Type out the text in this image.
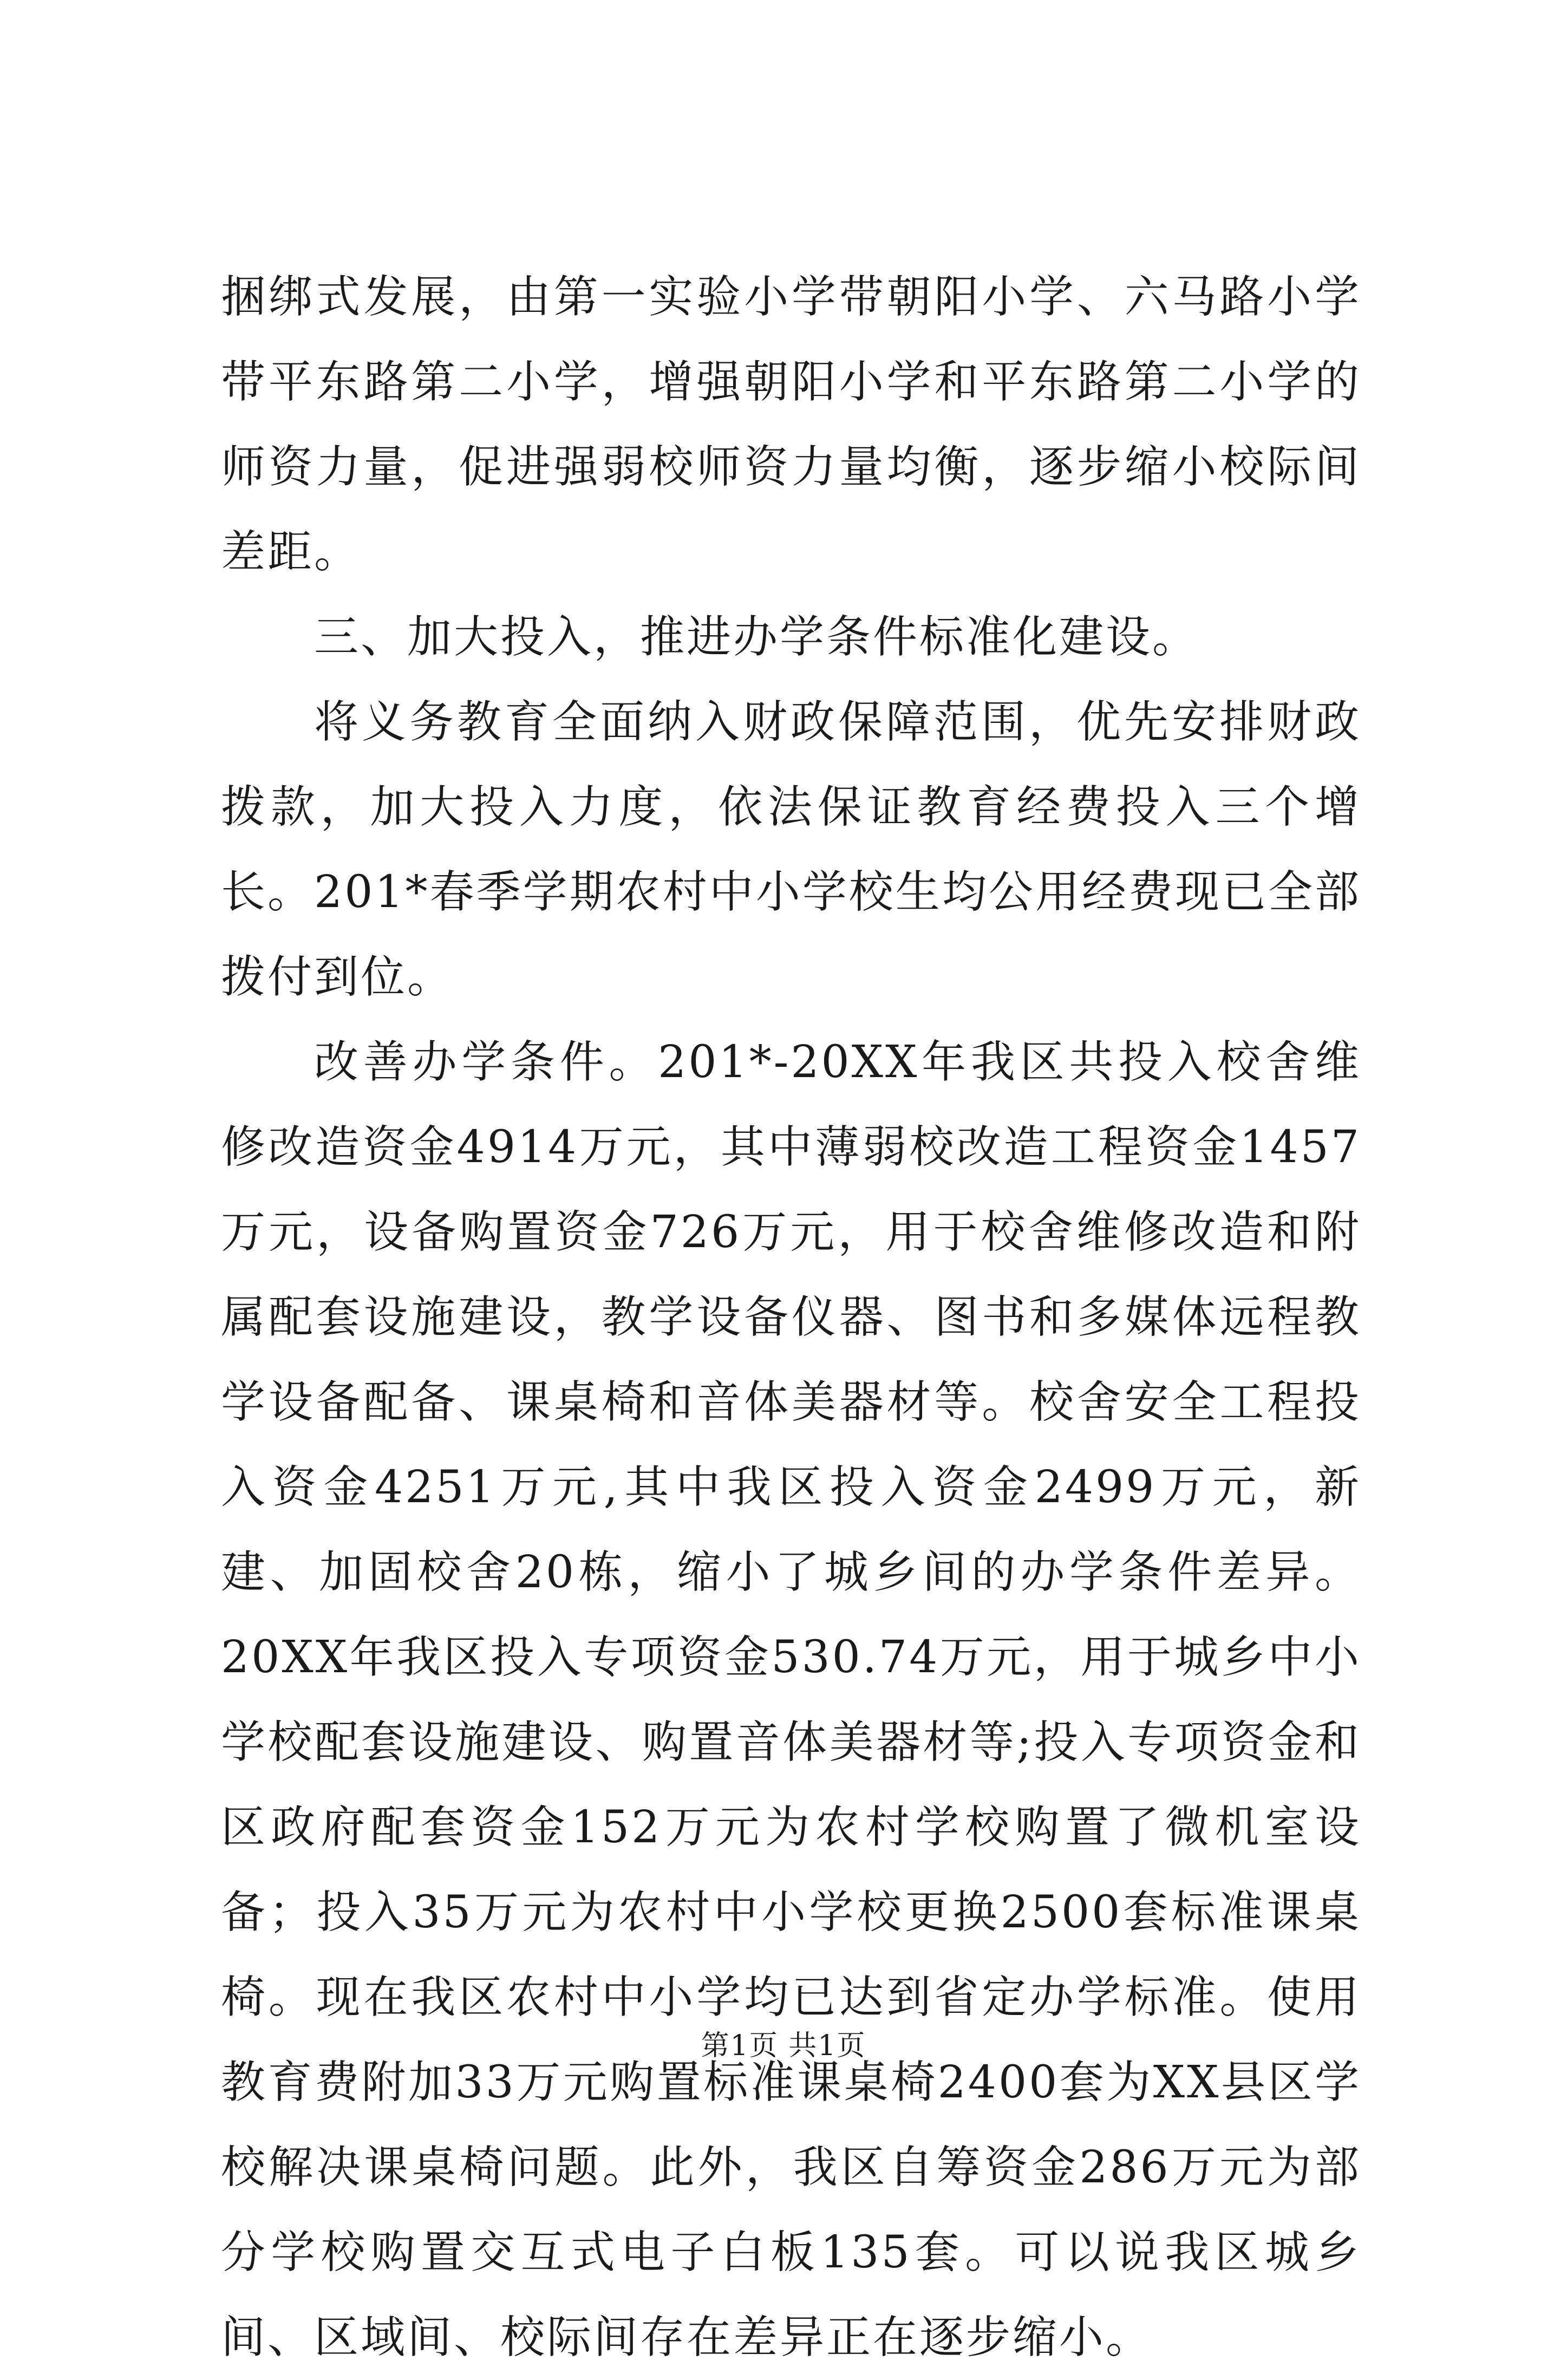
捆绑式发展，由第一实验小学带朝阳小学、六马路小学带平东路第二小学，增强朝阳小学和平东路第二小学的师资力量，促进强弱校师资力量均衡，逐步缩小校际间差距。

三、加大投入，推进办学条件标准化建设。

将义务教育全面纳入财政保障范围，优先安排财政拨款，加大投入力度，依法保证教育经费投入三个增长。201*春季学期农村中小学校生均公用经费现已全部拨付到位。

改善办学条件。201*-20XX年我区共投入校舍维修改造资金4914万元，其中薄弱校改造工程资金1457万元，设备购置资金726万元，用于校舍维修改造和附属配套设施建设，教学设备仪器、图书和多媒体远程教学设备配备、课桌椅和音体美器材等。校舍安全工程投入资金4251万元,其中我区投入资金2499万元，新建、加固校舍20栋，缩小了城乡间的办学条件差异。20XX年我区投入专项资金530.74万元，用于城乡中小学校配套设施建设、购置音体美器材等;投入专项资金和区政府配套资金152万元为农村学校购置了微机室设备；投入35万元为农村中小学校更换2500套标准课桌椅。现在我区农村中小学均已达到省定办学标准。使用教育费附加33万元购置标准课桌椅2400套为XX县区学校解决课桌椅问题。此外，我区自筹资金286万元为部分学校购置交互式电子白板135套。可以说我区城乡间、区域间、校际间存在差异正在逐步缩小。

第1页 共1页
